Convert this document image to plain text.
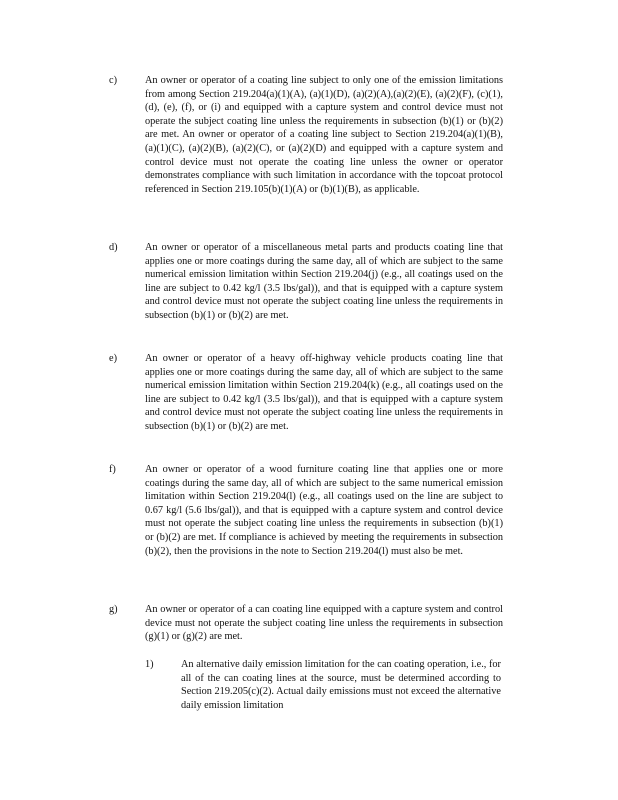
c)	An owner or operator of a coating line subject to only one of the emission limitations from among Section 219.204(a)(1)(A), (a)(1)(D), (a)(2)(A),(a)(2)(E), (a)(2)(F), (c)(1), (d), (e), (f), or (i) and equipped with a capture system and control device must not operate the subject coating line unless the requirements in subsection (b)(1) or (b)(2) are met. An owner or operator of a coating line subject to Section 219.204(a)(1)(B), (a)(1)(C), (a)(2)(B), (a)(2)(C), or (a)(2)(D) and equipped with a capture system and control device must not operate the coating line unless the owner or operator demonstrates compliance with such limitation in accordance with the topcoat protocol referenced in Section 219.105(b)(1)(A) or (b)(1)(B), as applicable.
d)	An owner or operator of a miscellaneous metal parts and products coating line that applies one or more coatings during the same day, all of which are subject to the same numerical emission limitation within Section 219.204(j) (e.g., all coatings used on the line are subject to 0.42 kg/l (3.5 lbs/gal)), and that is equipped with a capture system and control device must not operate the subject coating line unless the requirements in subsection (b)(1) or (b)(2) are met.
e)	An owner or operator of a heavy off-highway vehicle products coating line that applies one or more coatings during the same day, all of which are subject to the same numerical emission limitation within Section 219.204(k) (e.g., all coatings used on the line are subject to 0.42 kg/l (3.5 lbs/gal)), and that is equipped with a capture system and control device must not operate the subject coating line unless the requirements in subsection (b)(1) or (b)(2) are met.
f)	An owner or operator of a wood furniture coating line that applies one or more coatings during the same day, all of which are subject to the same numerical emission limitation within Section 219.204(l) (e.g., all coatings used on the line are subject to 0.67 kg/l (5.6 lbs/gal)), and that is equipped with a capture system and control device must not operate the subject coating line unless the requirements in subsection (b)(1) or (b)(2) are met. If compliance is achieved by meeting the requirements in subsection (b)(2), then the provisions in the note to Section 219.204(l) must also be met.
g)	An owner or operator of a can coating line equipped with a capture system and control device must not operate the subject coating line unless the requirements in subsection (g)(1) or (g)(2) are met.
1)	An alternative daily emission limitation for the can coating operation, i.e., for all of the can coating lines at the source, must be determined according to Section 219.205(c)(2). Actual daily emissions must not exceed the alternative daily emission limitation
